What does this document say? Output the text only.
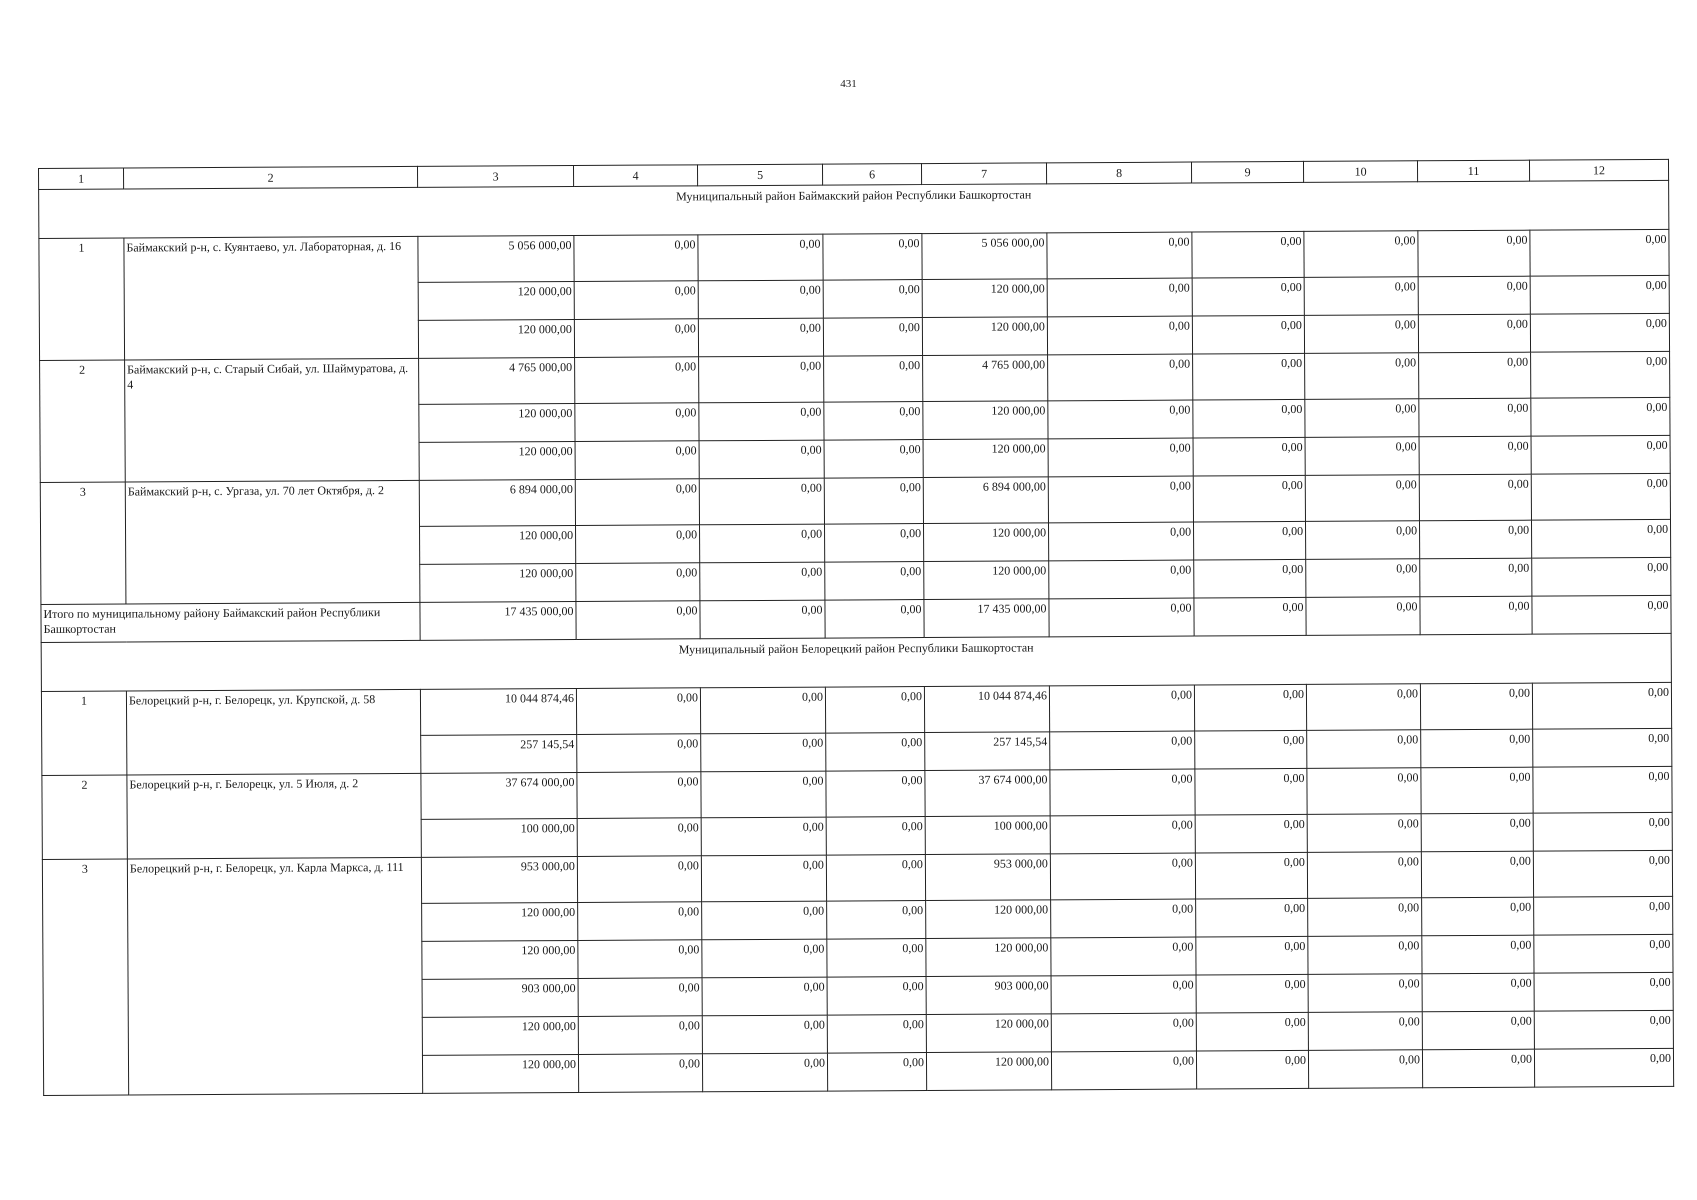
431
1	2	3	4	5	6	7	8	9	10	11	12
Муниципальный район Баймакский район Республики Башкортостан											
1	Баймакский р-н, с. Куянтаево, ул. Лабораторная, д. 16	5 056 000,00	0,00	0,00	0,00	5 056 000,00	0,00	0,00	0,00	0,00	0,00
		120 000,00	0,00	0,00	0,00	120 000,00	0,00	0,00	0,00	0,00	0,00
		120 000,00	0,00	0,00	0,00	120 000,00	0,00	0,00	0,00	0,00	0,00
2	Баймакский р-н, с. Старый Сибай, ул. Шаймуратова, д. 4	4 765 000,00	0,00	0,00	0,00	4 765 000,00	0,00	0,00	0,00	0,00	0,00
		120 000,00	0,00	0,00	0,00	120 000,00	0,00	0,00	0,00	0,00	0,00
		120 000,00	0,00	0,00	0,00	120 000,00	0,00	0,00	0,00	0,00	0,00
3	Баймакский р-н, с. Ургаза, ул. 70 лет Октября, д. 2	6 894 000,00	0,00	0,00	0,00	6 894 000,00	0,00	0,00	0,00	0,00	0,00
		120 000,00	0,00	0,00	0,00	120 000,00	0,00	0,00	0,00	0,00	0,00
		120 000,00	0,00	0,00	0,00	120 000,00	0,00	0,00	0,00	0,00	0,00
Итого по муниципальному району Баймакский район Республики Башкортостан		17 435 000,00	0,00	0,00	0,00	17 435 000,00	0,00	0,00	0,00	0,00	0,00
Муниципальный район Белорецкий район Республики Башкортостан											
1	Белорецкий р-н, г. Белорецк, ул. Крупской, д. 58	10 044 874,46	0,00	0,00	0,00	10 044 874,46	0,00	0,00	0,00	0,00	0,00
		257 145,54	0,00	0,00	0,00	257 145,54	0,00	0,00	0,00	0,00	0,00
2	Белорецкий р-н, г. Белорецк, ул. 5 Июля, д. 2	37 674 000,00	0,00	0,00	0,00	37 674 000,00	0,00	0,00	0,00	0,00	0,00
		100 000,00	0,00	0,00	0,00	100 000,00	0,00	0,00	0,00	0,00	0,00
3	Белорецкий р-н, г. Белорецк, ул. Карла Маркса, д. 111	953 000,00	0,00	0,00	0,00	953 000,00	0,00	0,00	0,00	0,00	0,00
		120 000,00	0,00	0,00	0,00	120 000,00	0,00	0,00	0,00	0,00	0,00
		120 000,00	0,00	0,00	0,00	120 000,00	0,00	0,00	0,00	0,00	0,00
		903 000,00	0,00	0,00	0,00	903 000,00	0,00	0,00	0,00	0,00	0,00
		120 000,00	0,00	0,00	0,00	120 000,00	0,00	0,00	0,00	0,00	0,00
		120 000,00	0,00	0,00	0,00	120 000,00	0,00	0,00	0,00	0,00	0,00
